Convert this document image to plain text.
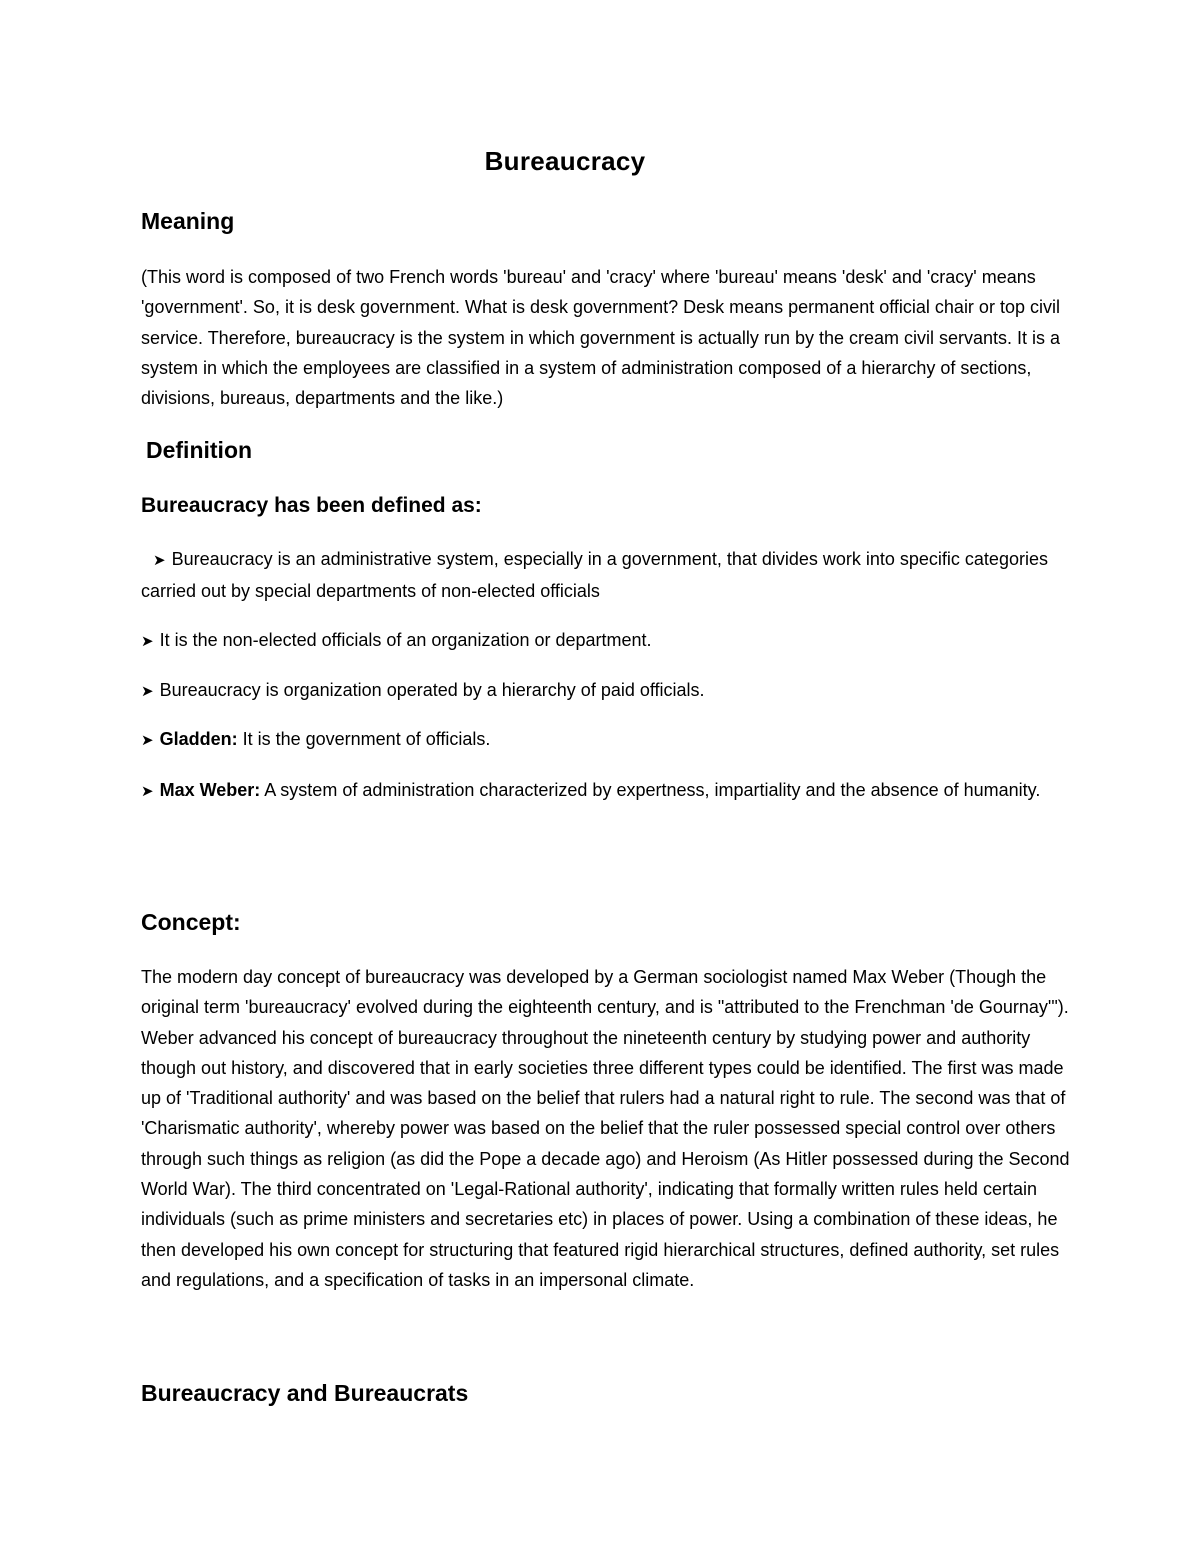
Bureaucracy
Meaning

(This word is composed of two French words 'bureau' and 'cracy' where 'bureau' means 'desk' and 'cracy' means 'government'. So, it is desk government. What is desk government? Desk means permanent official chair or top civil service. Therefore, bureaucracy is the system in which government is actually run by the cream civil servants. It is a system in which the employees are classified in a system of administration composed of a hierarchy of sections, divisions, bureaus, departments and the like.)

Definition
Bureaucracy has been defined as:

➤ Bureaucracy is an administrative system, especially in a government, that divides work into specific categories carried out by special departments of non-elected officials

➤ It is the non-elected officials of an organization or department.

➤ Bureaucracy is organization operated by a hierarchy of paid officials.

➤ Gladden: It is the government of officials.

➤ Max Weber: A system of administration characterized by expertness, impartiality and the absence of humanity.

Concept:

The modern day concept of bureaucracy was developed by a German sociologist named Max Weber (Though the original term 'bureaucracy' evolved during the eighteenth century, and is "attributed to the Frenchman 'de Gournay'"). Weber advanced his concept of bureaucracy throughout the nineteenth century by studying power and authority though out history, and discovered that in early societies three different types could be identified. The first was made up of 'Traditional authority' and was based on the belief that rulers had a natural right to rule. The second was that of 'Charismatic authority', whereby power was based on the belief that the ruler possessed special control over others through such things as religion (as did the Pope a decade ago) and Heroism (As Hitler possessed during the Second World War). The third concentrated on 'Legal-Rational authority', indicating that formally written rules held certain individuals (such as prime ministers and secretaries etc) in places of power. Using a combination of these ideas, he then developed his own concept for structuring that featured rigid hierarchical structures, defined authority, set rules and regulations, and a specification of tasks in an impersonal climate.

Bureaucracy and Bureaucrats
